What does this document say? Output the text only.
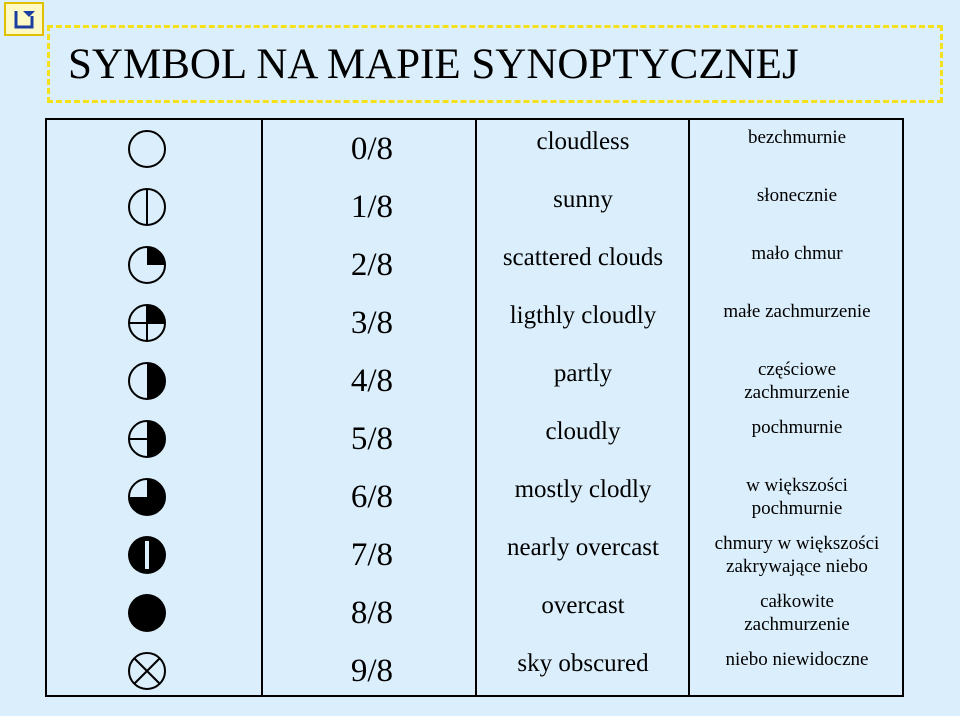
SYMBOL NA MAPIE SYNOPTYCZNEJ
0/8	cloudless	bezchmurnie
1/8	sunny	słonecznie
2/8	scattered clouds	mało chmur
3/8	ligthly cloudly	małe zachmurzenie
4/8	partly	częściowe
zachmurzenie
5/8	cloudly	pochmurnie
6/8	mostly clodly	w większości
pochmurnie
7/8	nearly overcast	chmury w większości
zakrywające niebo
8/8	overcast	całkowite
zachmurzenie
9/8	sky obscured	niebo niewidoczne
